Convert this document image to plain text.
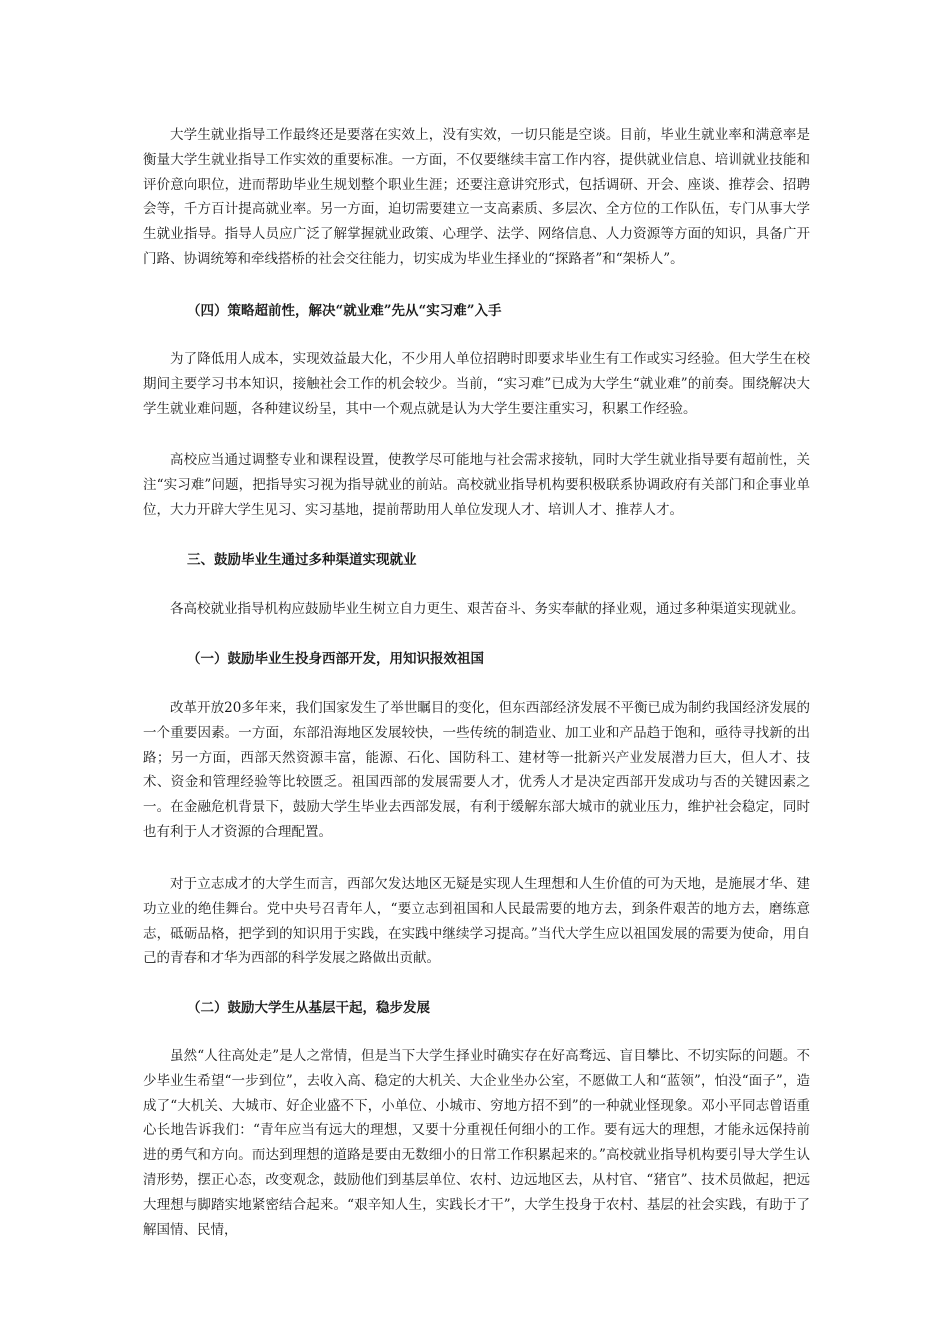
大学生就业指导工作最终还是要落在实效上，没有实效，一切只能是空谈。目前，毕业生就业率和满意率是衡量大学生就业指导工作实效的重要标准。一方面，不仅要继续丰富工作内容，提供就业信息、培训就业技能和评价意向职位，进而帮助毕业生规划整个职业生涯；还要注意讲究形式，包括调研、开会、座谈、推荐会、招聘会等，千方百计提高就业率。另一方面，迫切需要建立一支高素质、多层次、全方位的工作队伍，专门从事大学生就业指导。指导人员应广泛了解掌握就业政策、心理学、法学、网络信息、人力资源等方面的知识，具备广开门路、协调统筹和牵线搭桥的社会交往能力，切实成为毕业生择业的“探路者”和“架桥人”。

（四）策略超前性，解决“就业难”先从“实习难”入手

为了降低用人成本，实现效益最大化，不少用人单位招聘时即要求毕业生有工作或实习经验。但大学生在校期间主要学习书本知识，接触社会工作的机会较少。当前，“实习难”已成为大学生“就业难”的前奏。围绕解决大学生就业难问题，各种建议纷呈，其中一个观点就是认为大学生要注重实习，积累工作经验。

高校应当通过调整专业和课程设置，使教学尽可能地与社会需求接轨，同时大学生就业指导要有超前性，关注“实习难”问题，把指导实习视为指导就业的前站。高校就业指导机构要积极联系协调政府有关部门和企事业单位，大力开辟大学生见习、实习基地，提前帮助用人单位发现人才、培训人才、推荐人才。

三、鼓励毕业生通过多种渠道实现就业

各高校就业指导机构应鼓励毕业生树立自力更生、艰苦奋斗、务实奉献的择业观，通过多种渠道实现就业。

（一）鼓励毕业生投身西部开发，用知识报效祖国

改革开放20多年来，我们国家发生了举世瞩目的变化，但东西部经济发展不平衡已成为制约我国经济发展的一个重要因素。一方面，东部沿海地区发展较快，一些传统的制造业、加工业和产品趋于饱和，亟待寻找新的出路；另一方面，西部天然资源丰富，能源、石化、国防科工、建材等一批新兴产业发展潜力巨大，但人才、技术、资金和管理经验等比较匮乏。祖国西部的发展需要人才，优秀人才是决定西部开发成功与否的关键因素之一。在金融危机背景下，鼓励大学生毕业去西部发展，有利于缓解东部大城市的就业压力，维护社会稳定，同时也有利于人才资源的合理配置。

对于立志成才的大学生而言，西部欠发达地区无疑是实现人生理想和人生价值的可为天地，是施展才华、建功立业的绝佳舞台。党中央号召青年人，“要立志到祖国和人民最需要的地方去，到条件艰苦的地方去，磨练意志，砥砺品格，把学到的知识用于实践，在实践中继续学习提高。”当代大学生应以祖国发展的需要为使命，用自己的青春和才华为西部的科学发展之路做出贡献。

（二）鼓励大学生从基层干起，稳步发展

虽然“人往高处走”是人之常情，但是当下大学生择业时确实存在好高骛远、盲目攀比、不切实际的问题。不少毕业生希望“一步到位”，去收入高、稳定的大机关、大企业坐办公室，不愿做工人和“蓝领”，怕没“面子”，造成了“大机关、大城市、好企业盛不下，小单位、小城市、穷地方招不到”的一种就业怪现象。邓小平同志曾语重心长地告诉我们：“青年应当有远大的理想，又要十分重视任何细小的工作。要有远大的理想，才能永远保持前进的勇气和方向。而达到理想的道路是要由无数细小的日常工作积累起来的。”高校就业指导机构要引导大学生认清形势，摆正心态，改变观念，鼓励他们到基层单位、农村、边远地区去，从村官、“猪官”、技术员做起，把远大理想与脚踏实地紧密结合起来。“艰辛知人生，实践长才干”，大学生投身于农村、基层的社会实践，有助于了解国情、民情，
